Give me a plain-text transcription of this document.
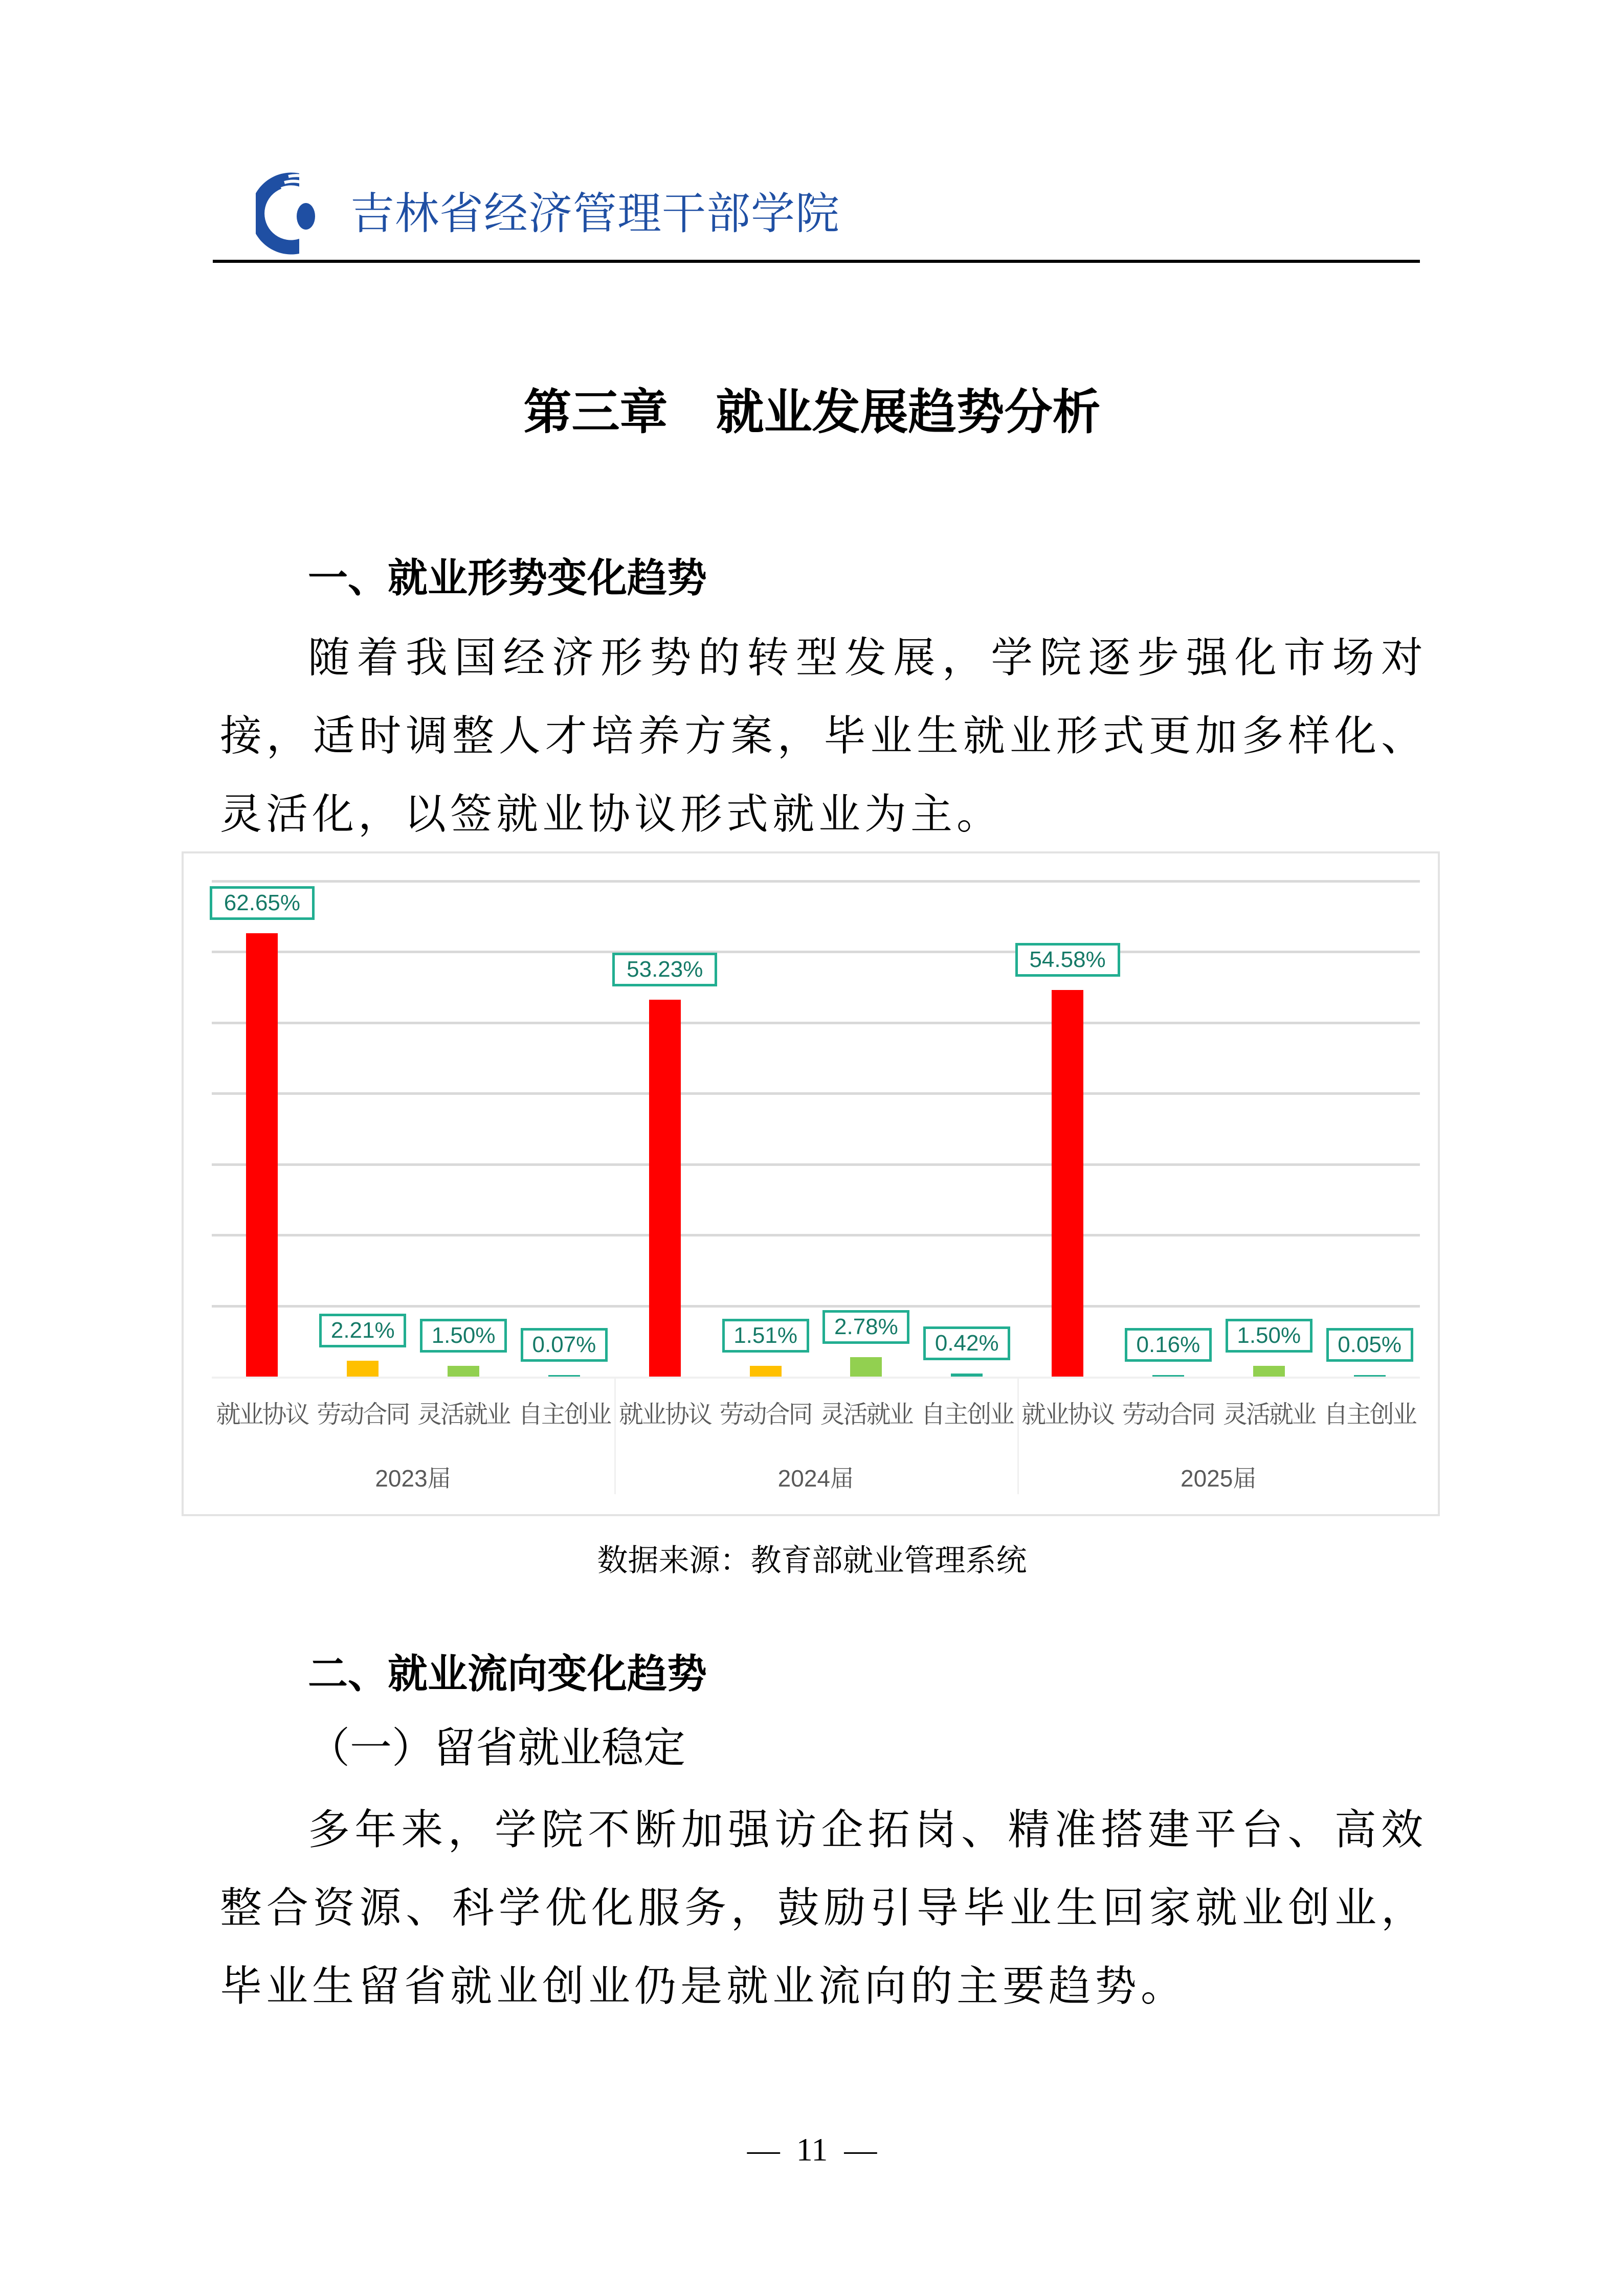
吉林省经济管理干部学院
第三章　就业发展趋势分析
一、就业形势变化趋势
随着我国经济形势的转型发展，学院逐步强化市场对接，适时调整人才培养方案，毕业生就业形式更加多样化、灵活化，以签就业协议形式就业为主。
62.65%
就业协议
2.21%
劳动合同
1.50%
灵活就业
0.07%
自主创业
2023届
53.23%
就业协议
1.51%
劳动合同
2.78%
灵活就业
0.42%
自主创业
2024届
54.58%
就业协议
0.16%
劳动合同
1.50%
灵活就业
0.05%
自主创业
2025届
数据来源：教育部就业管理系统
二、就业流向变化趋势
（一）留省就业稳定
多年来，学院不断加强访企拓岗、精准搭建平台、高效整合资源、科学优化服务，鼓励引导毕业生回家就业创业，毕业生留省就业创业仍是就业流向的主要趋势。
—  11  —
